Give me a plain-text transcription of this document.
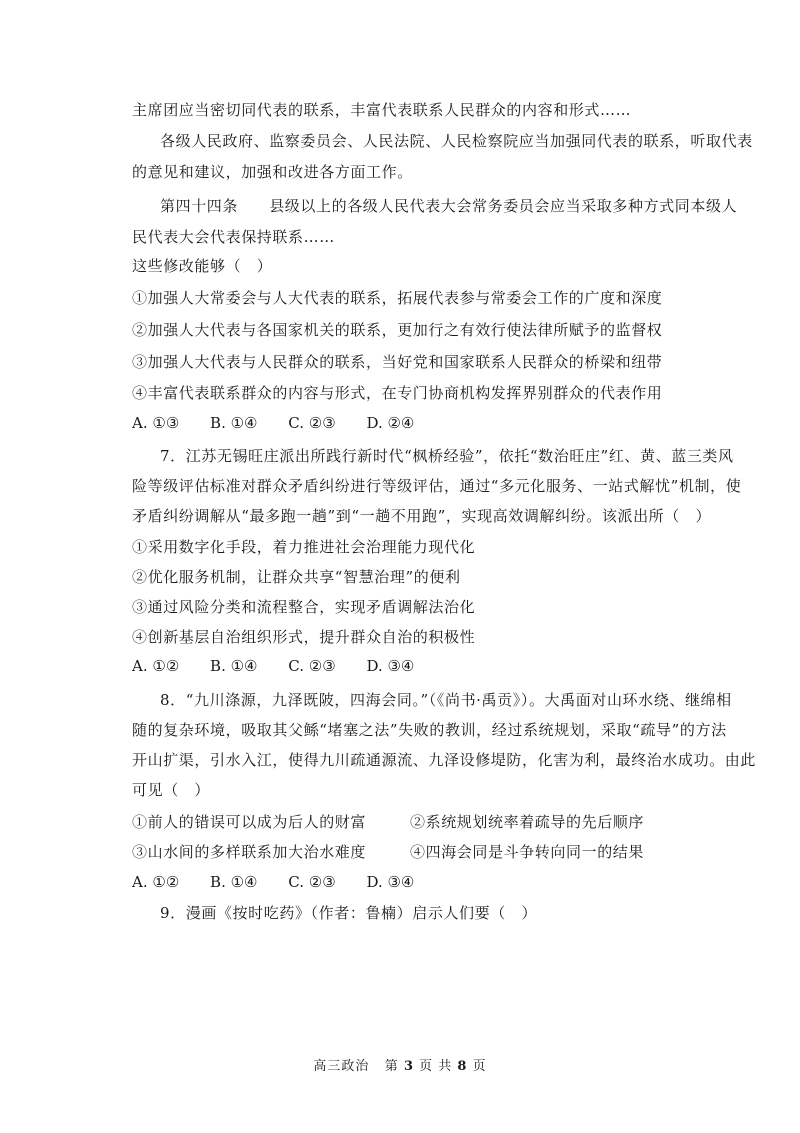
主席团应当密切同代表的联系，丰富代表联系人民群众的内容和形式……
各级人民政府、监察委员会、人民法院、人民检察院应当加强同代表的联系，听取代表
的意见和建议，加强和改进各方面工作。
第四十四条　　县级以上的各级人民代表大会常务委员会应当采取多种方式同本级人
民代表大会代表保持联系……
这些修改能够（　）
①加强人大常委会与人大代表的联系，拓展代表参与常委会工作的广度和深度
②加强人大代表与各国家机关的联系，更加行之有效行使法律所赋予的监督权
③加强人大代表与人民群众的联系，当好党和国家联系人民群众的桥梁和纽带
④丰富代表联系群众的内容与形式，在专门协商机构发挥界别群众的代表作用
A. ①③ B. ①④ C. ②③ D. ②④
7．江苏无锡旺庄派出所践行新时代“枫桥经验”，依托“数治旺庄”红、黄、蓝三类风
险等级评估标准对群众矛盾纠纷进行等级评估，通过“多元化服务、一站式解忧”机制，使
矛盾纠纷调解从“最多跑一趟”到“一趟不用跑”，实现高效调解纠纷。该派出所（　）
①采用数字化手段，着力推进社会治理能力现代化
②优化服务机制，让群众共享“智慧治理”的便利
③通过风险分类和流程整合，实现矛盾调解法治化
④创新基层自治组织形式，提升群众自治的积极性
A. ①② B. ①④ C. ②③ D. ③④
8．“九川涤源，九泽既陂，四海会同。”（《尚书·禹贡》）。大禹面对山环水绕、继绵相
随的复杂环境，吸取其父鲧“堵塞之法”失败的教训，经过系统规划，采取“疏导”的方法
开山扩渠，引水入江，使得九川疏通源流、九泽设修堤防，化害为利，最终治水成功。由此
可见（　）
①前人的错误可以成为后人的财富	②系统规划统率着疏导的先后顺序
③山水间的多样联系加大治水难度	④四海会同是斗争转向同一的结果
A. ①② B. ①④ C. ②③ D. ③④
9．漫画《按时吃药》（作者：鲁楠）启示人们要（　）
高三政治 第 3 页 共 8 页
